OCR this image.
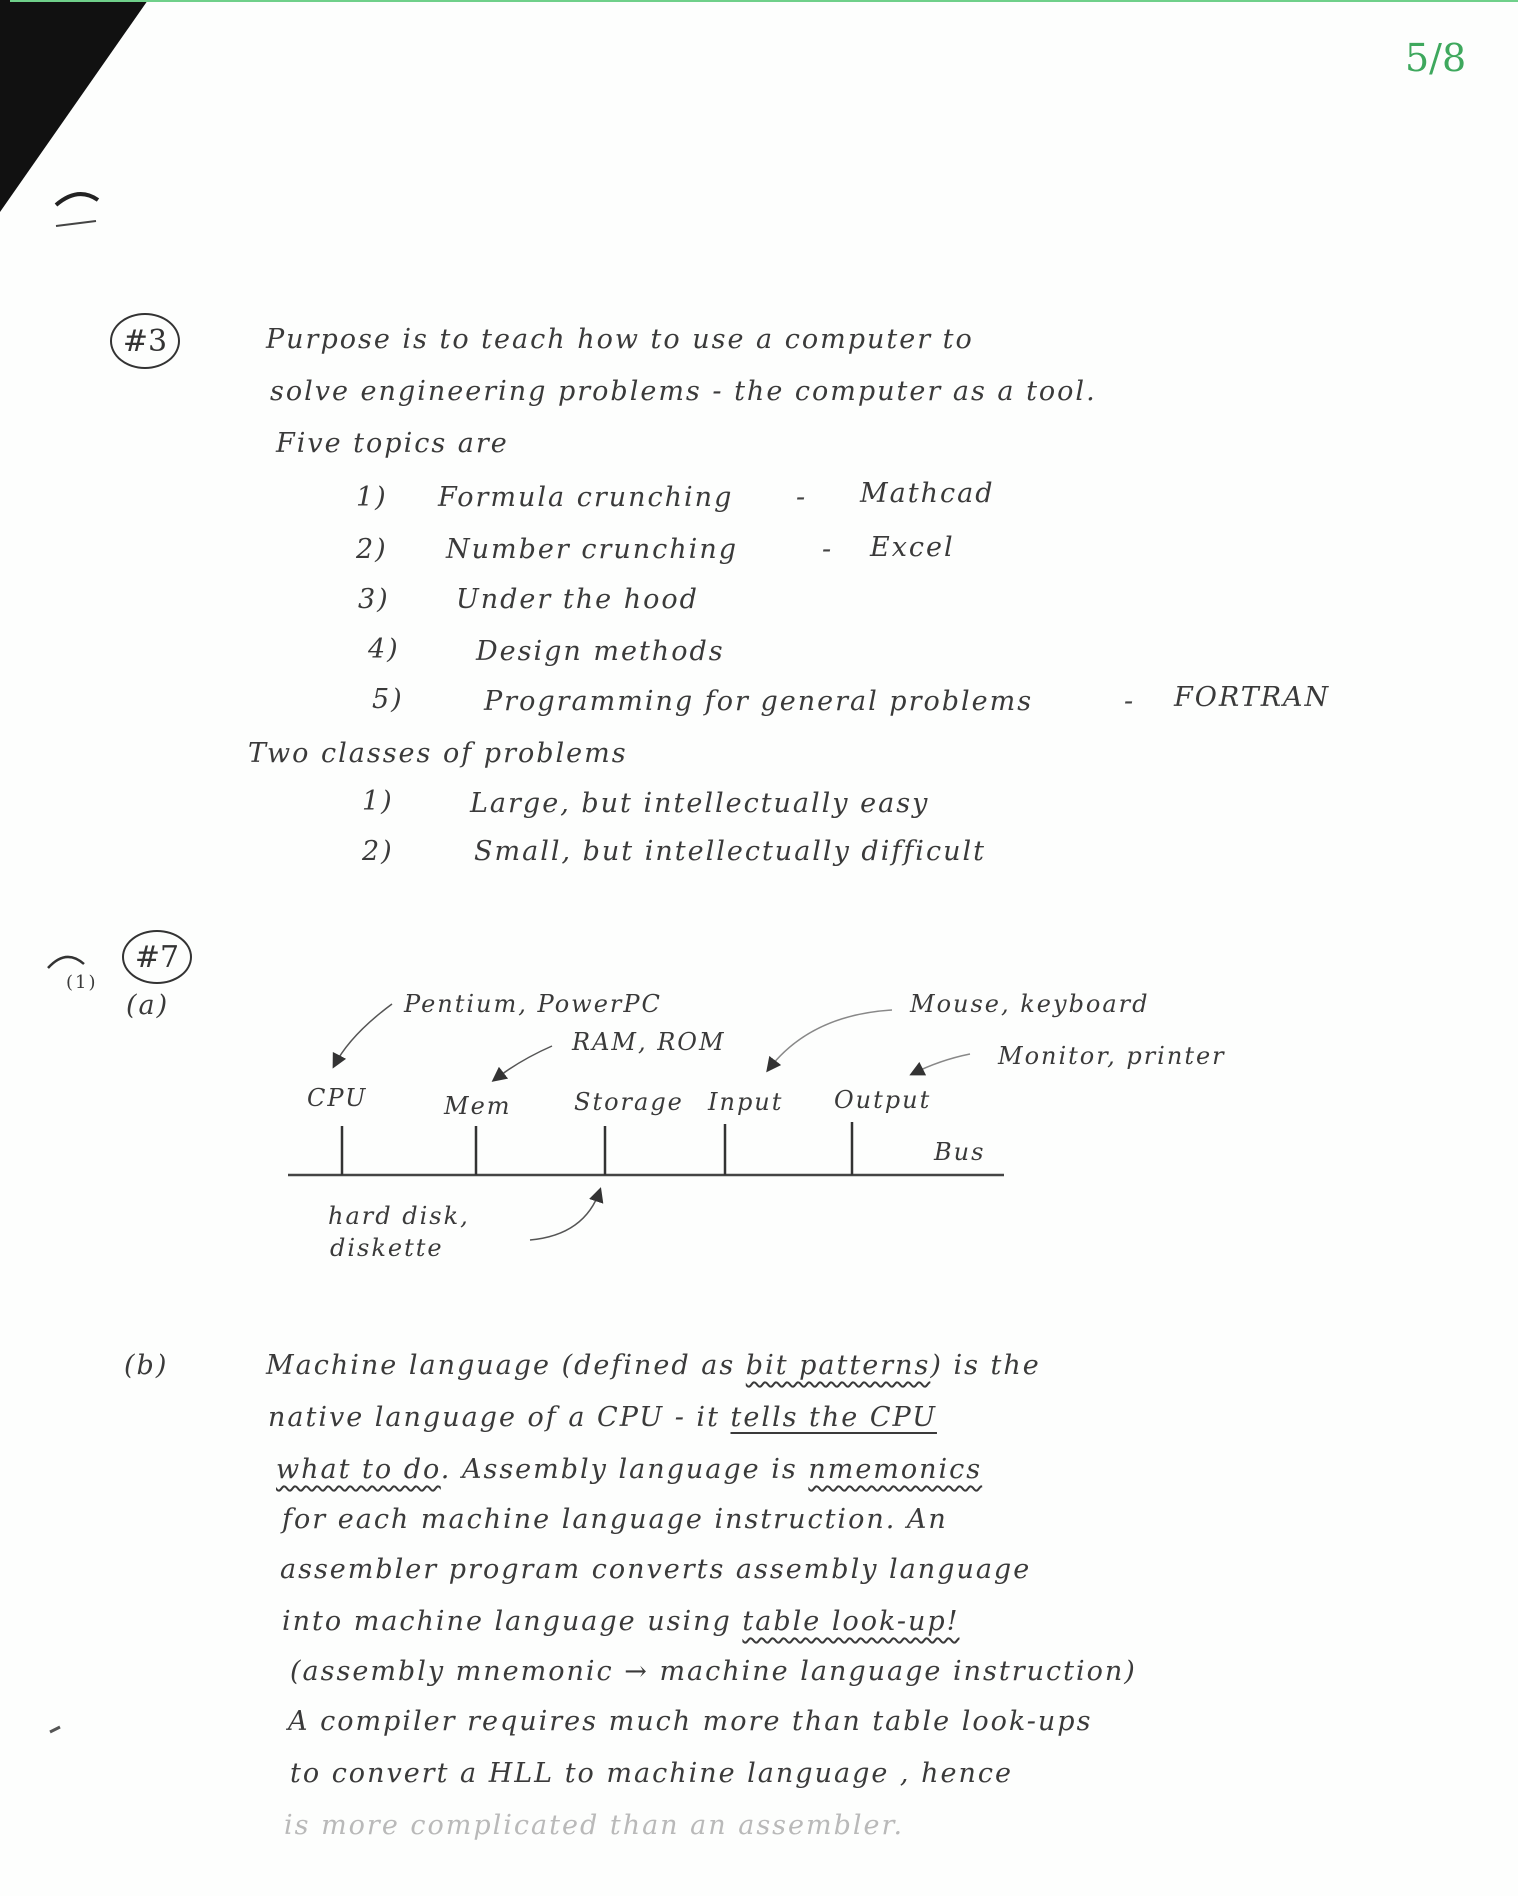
5/8
#3	Purpose is to teach how to use a computer to
solve engineering problems - the computer as a tool.
Five topics are
1) Formula crunching - Mathcad
2) Number crunching	- Excel
3) Under the hood
4)	Design methods
5)	Programming for general problems	- FORTRAN
Two classes of problems
1)	Large, but intellectually easy
2)	Small, but intellectually difficult
(1)
#7
(a)
CPU	Mem	Storage Input Output
Bus
Pentium, PowerPC
RAM, ROM
Mouse, keyboard
Monitor, printer
hard disk,
diskette
(b)	Machine language (defined as bit patterns) is the
native language of a CPU - it tells the CPU
what to do. Assembly language is nmemonics
for each machine language instruction. An
assembler program converts assembly language
into machine language using table look-up!
(assembly mnemonic → machine language instruction)
A compiler requires much more than table look-ups
to convert a HLL to machine language , hence
is more complicated than an assembler.
